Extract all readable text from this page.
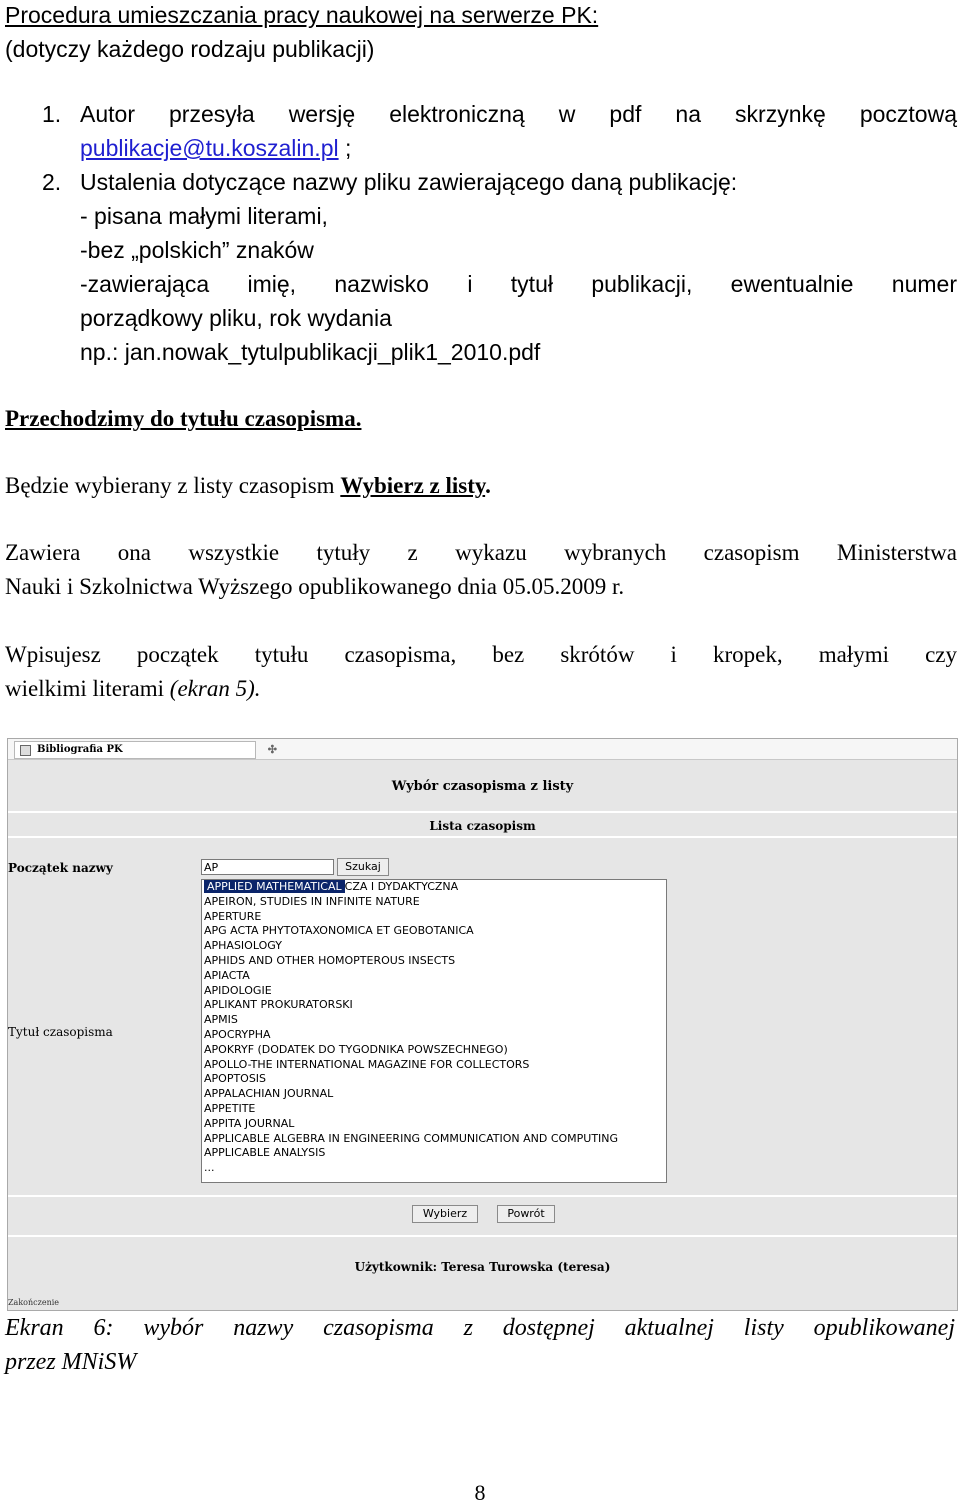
Procedura umieszczania pracy naukowej na serwerze PK:
(dotyczy każdego rodzaju publikacji)
1. Autor przesyła wersję elektroniczną w pdf na skrzynkę pocztową
publikacje@tu.koszalin.pl ;
2. Ustalenia dotyczące nazwy pliku zawierającego daną publikację:
- pisana małymi literami,
-bez „polskich” znaków
-zawierająca imię, nazwisko i tytuł publikacji, ewentualnie numer
porządkowy pliku, rok wydania
np.: jan.nowak_tytulpublikacji_plik1_2010.pdf
Przechodzimy do tytułu czasopisma.
Będzie wybierany z listy czasopism Wybierz z listy.
Zawiera ona wszystkie tytuły z wykazu wybranych czasopism Ministerstwa
Nauki i Szkolnictwa Wyższego opublikowanego dnia 05.05.2009 r.
Wpisujesz początek tytułu czasopisma, bez skrótów i kropek, małymi czy
wielkimi literami (ekran 5).
Bibliografia PK	✣
Wybór czasopisma z listy
Lista czasopism
Początek nazwy	AP	Szukaj
Tytuł czasopisma
APPLIED MATHEMATICAL CZA I DYDAKTYCZNA
APEIRON, STUDIES IN INFINITE NATURE
APERTURE
APG ACTA PHYTOTAXONOMICA ET GEOBOTANICA
APHASIOLOGY
APHIDS AND OTHER HOMOPTEROUS INSECTS
APIACTA
APIDOLOGIE
APLIKANT PROKURATORSKI
APMIS
APOCRYPHA
APOKRYF (DODATEK DO TYGODNIKA POWSZECHNEGO)
APOLLO-THE INTERNATIONAL MAGAZINE FOR COLLECTORS
APOPTOSIS
APPALACHIAN JOURNAL
APPETITE
APPITA JOURNAL
APPLICABLE ALGEBRA IN ENGINEERING COMMUNICATION AND COMPUTING
APPLICABLE ANALYSIS
...
Wybierz	Powrót
Użytkownik: Teresa Turowska (teresa)
Zakończenie
Ekran 6: wybór nazwy czasopisma z dostępnej aktualnej listy opublikowanej
przez MNiSW
8
